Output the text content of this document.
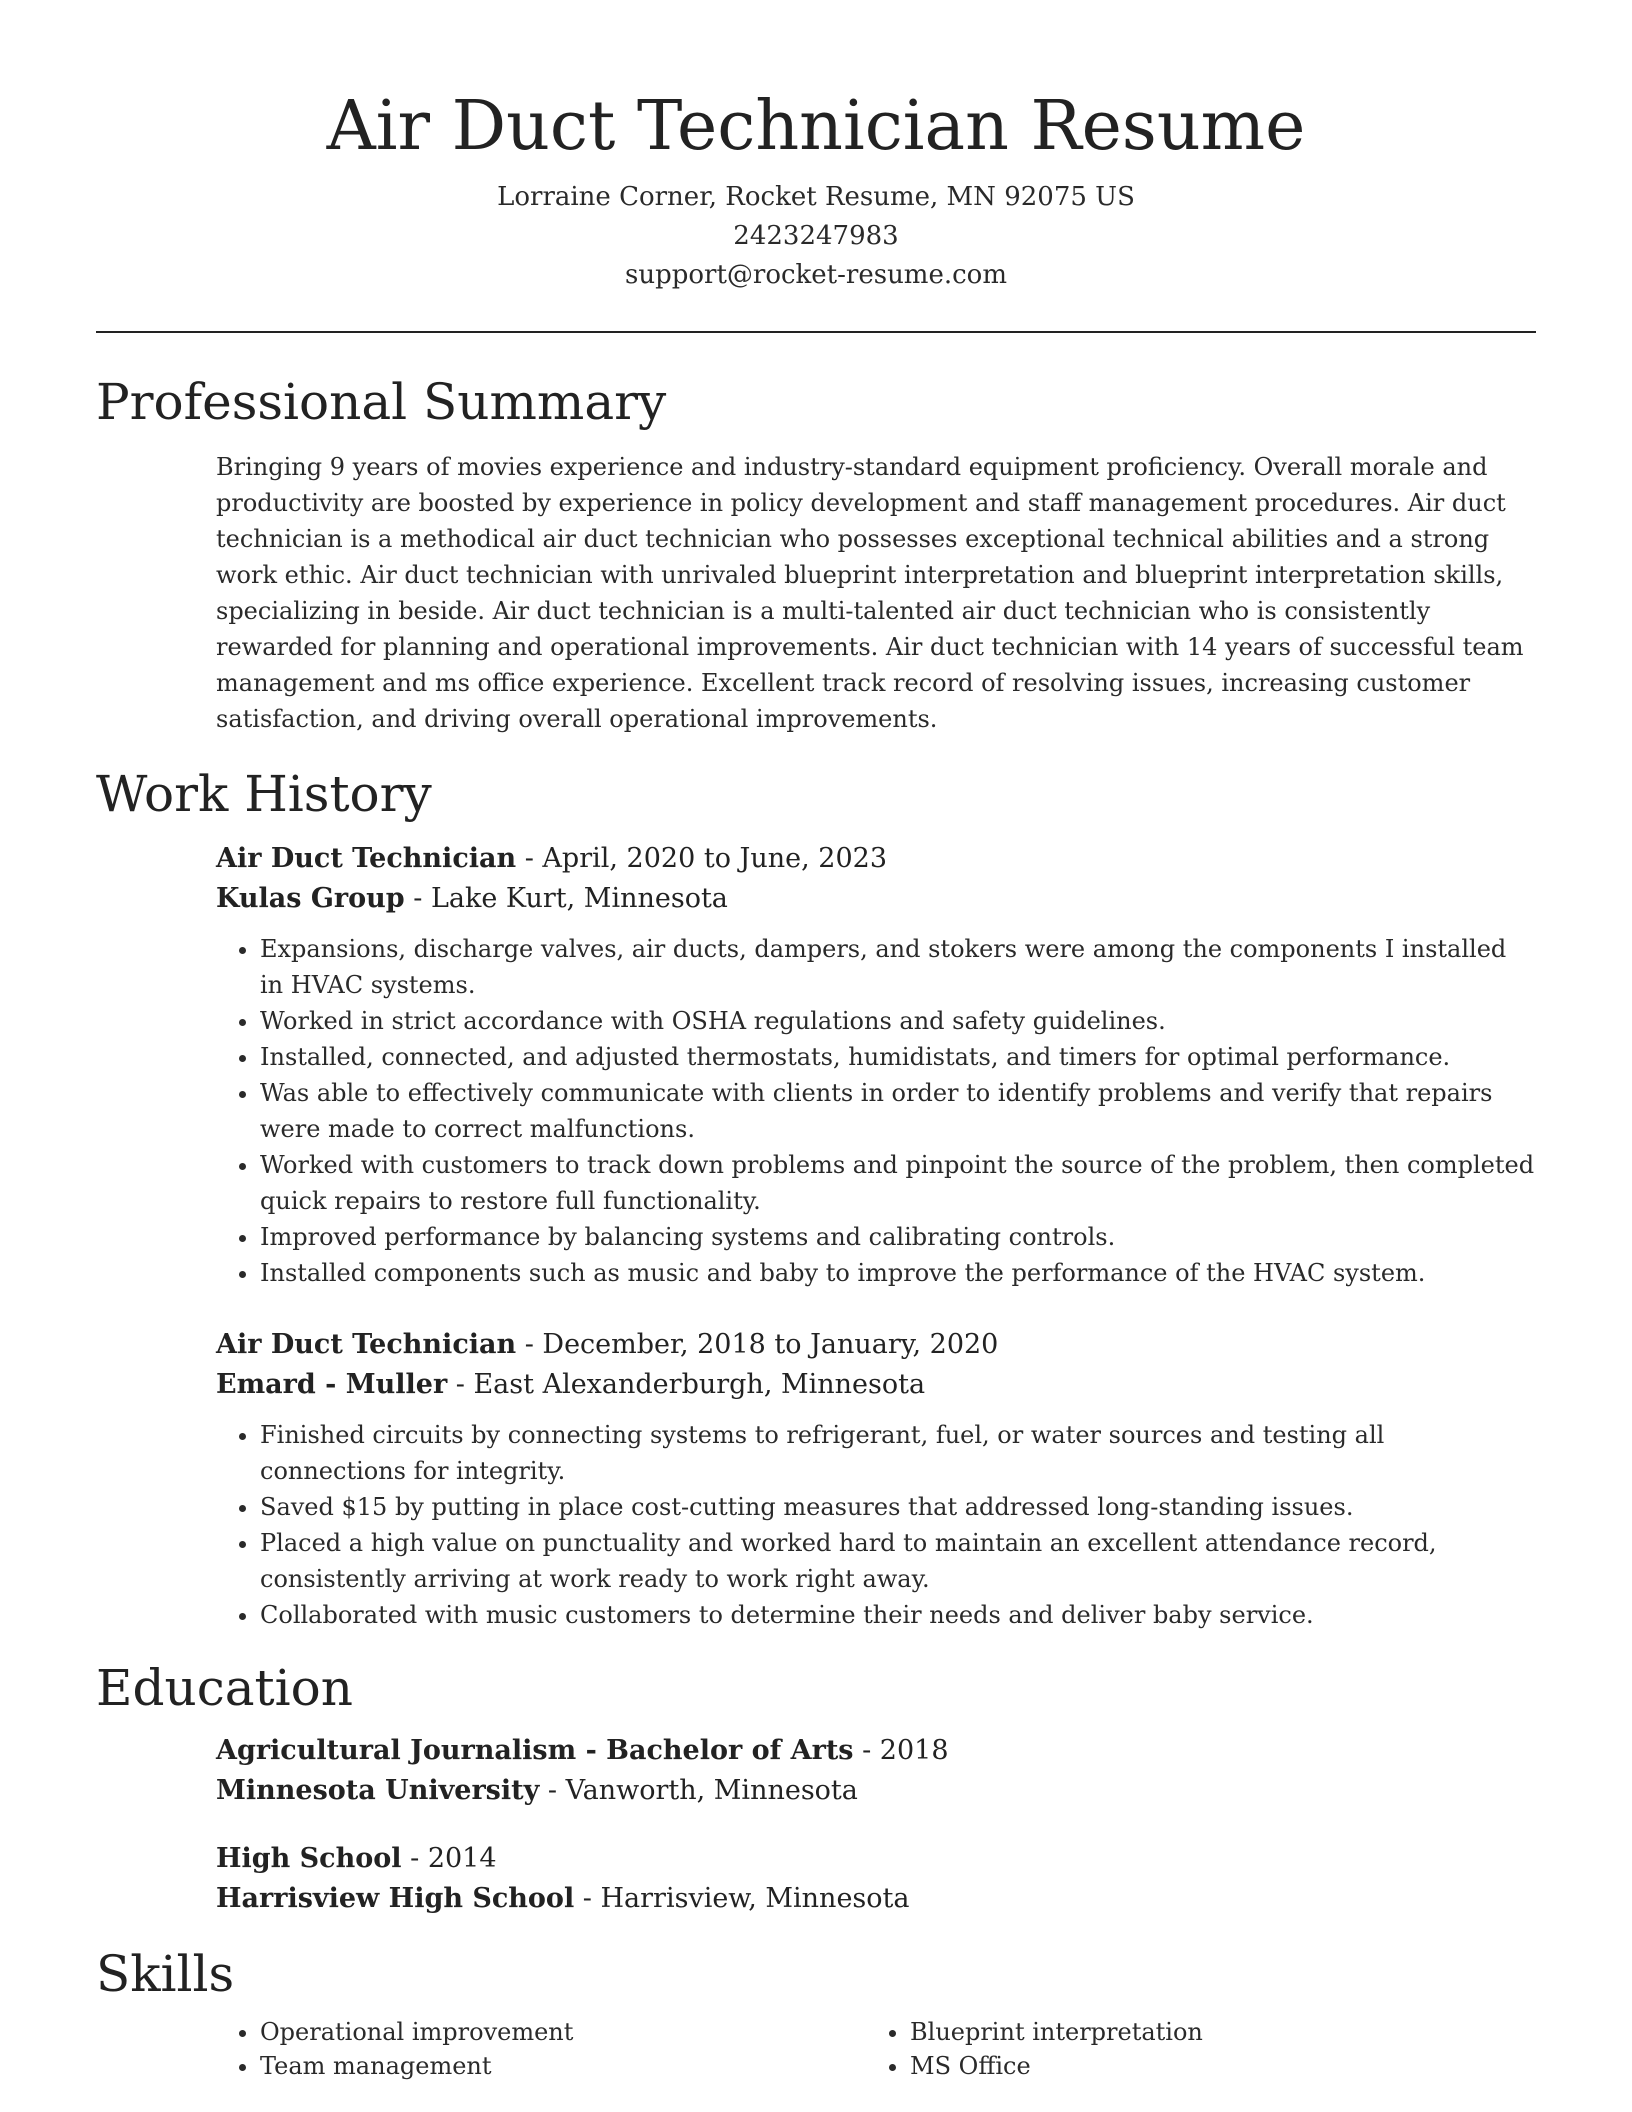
Air Duct Technician Resume
Lorraine Corner, Rocket Resume, MN 92075 US
2423247983
support@rocket-resume.com
Professional Summary

Bringing 9 years of movies experience and industry-standard equipment proficiency. Overall morale and productivity are boosted by experience in policy development and staff management procedures. Air duct technician is a methodical air duct technician who possesses exceptional technical abilities and a strong work ethic. Air duct technician with unrivaled blueprint interpretation and blueprint interpretation skills, specializing in beside. Air duct technician is a multi-talented air duct technician who is consistently rewarded for planning and operational improvements. Air duct technician with 14 years of successful team management and ms office experience. Excellent track record of resolving issues, increasing customer satisfaction, and driving overall operational improvements.

Work History
Air Duct Technician - April, 2020 to June, 2023
Kulas Group - Lake Kurt, Minnesota
• Expansions, discharge valves, air ducts, dampers, and stokers were among the components I installed in HVAC systems.
• Worked in strict accordance with OSHA regulations and safety guidelines.
• Installed, connected, and adjusted thermostats, humidistats, and timers for optimal performance.
• Was able to effectively communicate with clients in order to identify problems and verify that repairs were made to correct malfunctions.
• Worked with customers to track down problems and pinpoint the source of the problem, then completed quick repairs to restore full functionality.
• Improved performance by balancing systems and calibrating controls.
• Installed components such as music and baby to improve the performance of the HVAC system.
Air Duct Technician - December, 2018 to January, 2020
Emard - Muller - East Alexanderburgh, Minnesota
• Finished circuits by connecting systems to refrigerant, fuel, or water sources and testing all connections for integrity.
• Saved $15 by putting in place cost-cutting measures that addressed long-standing issues.
• Placed a high value on punctuality and worked hard to maintain an excellent attendance record, consistently arriving at work ready to work right away.
• Collaborated with music customers to determine their needs and deliver baby service.
Education
Agricultural Journalism - Bachelor of Arts - 2018
Minnesota University - Vanworth, Minnesota
High School - 2014
Harrisview High School - Harrisview, Minnesota
Skills
• Operational improvement
• Team management
• Blueprint interpretation
• MS Office
